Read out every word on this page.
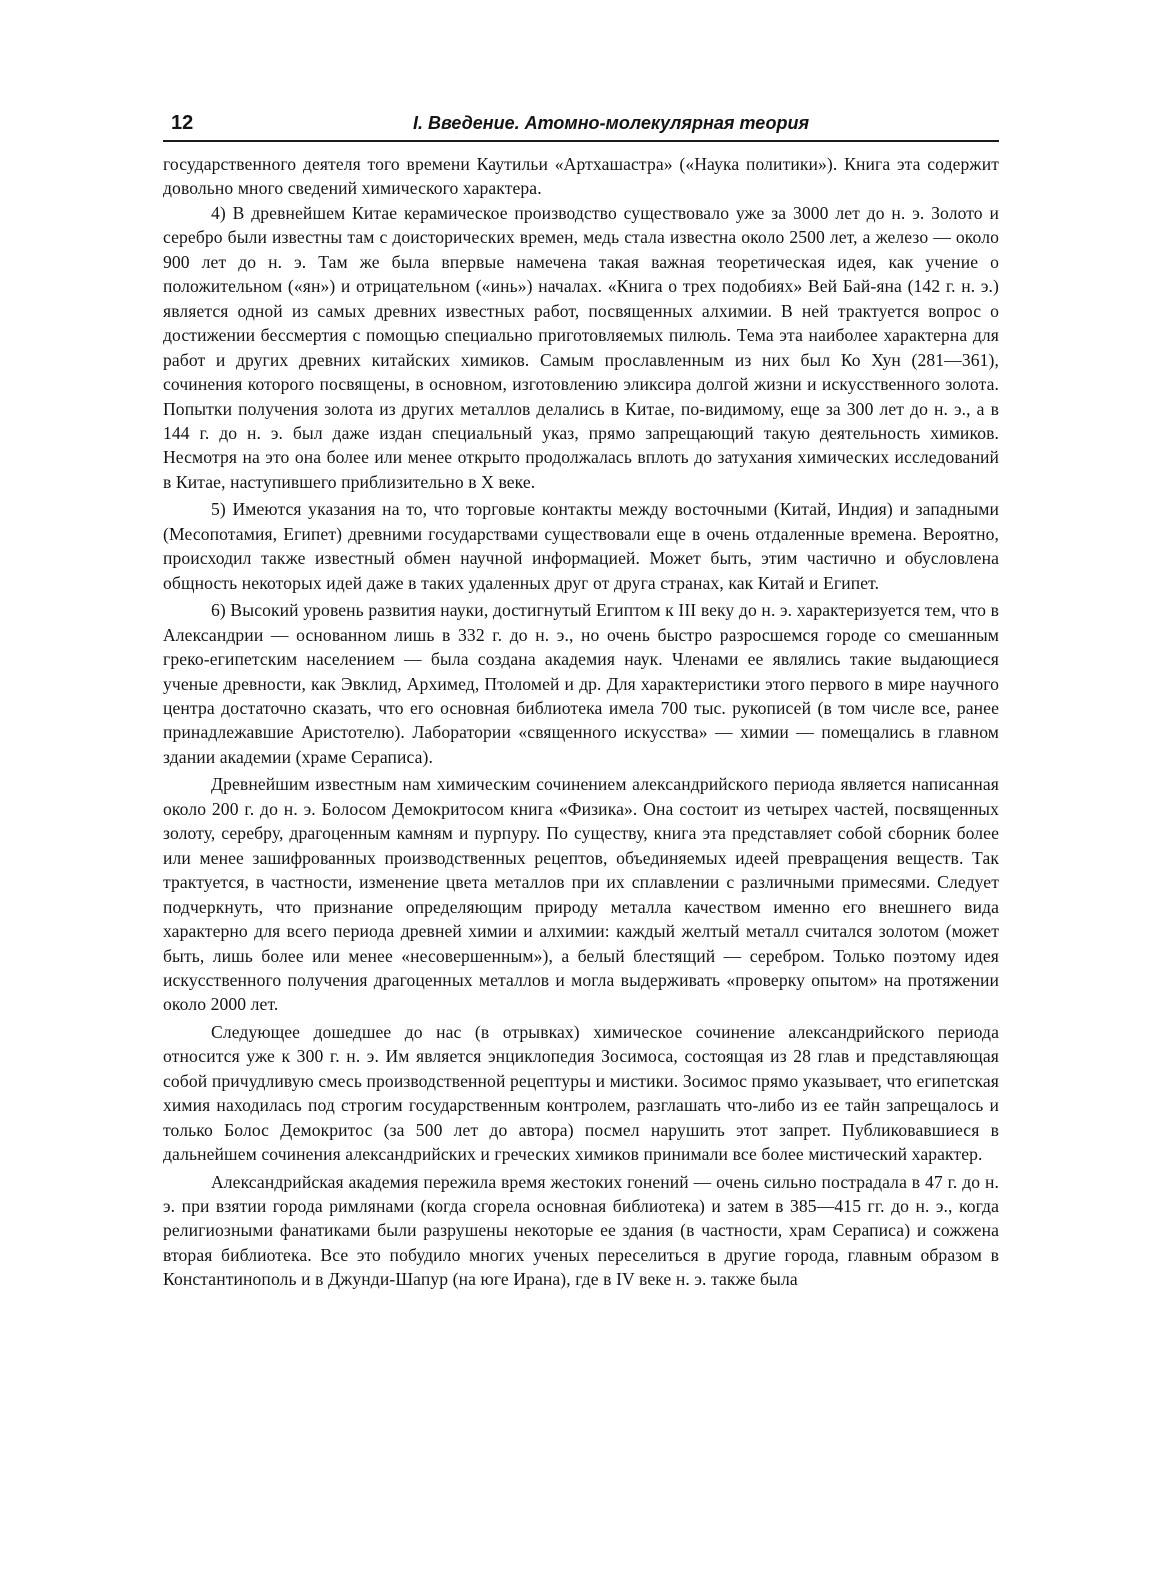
12	I. Введение. Атомно-молекулярная теория

государственного деятеля того времени Каутильи «Артхашастра» («Наука политики»). Книга эта содержит довольно много сведений химического характера.

4) В древнейшем Китае керамическое производство существовало уже за 3000 лет до н. э. Золото и серебро были известны там с доисторических времен, медь стала известна около 2500 лет, а железо — около 900 лет до н. э. Там же была впервые намечена такая важная теоретическая идея, как учение о положительном («ян») и отрицательном («инь») началах. «Книга о трех подобиях» Вей Бай-яна (142 г. н. э.) является одной из самых древних известных работ, посвященных алхимии. В ней трактуется вопрос о достижении бессмертия с помощью специально приготовляемых пилюль. Тема эта наиболее характерна для работ и других древних китайских химиков. Самым прославленным из них был Ко Хун (281—361), сочинения которого посвящены, в основном, изготовлению эликсира долгой жизни и искусственного золота. Попытки получения золота из других металлов делались в Китае, по-видимому, еще за 300 лет до н. э., а в 144 г. до н. э. был даже издан специальный указ, прямо запрещающий такую деятельность химиков. Несмотря на это она более или менее открыто продолжалась вплоть до затухания химических исследований в Китае, наступившего приблизительно в X веке.

5) Имеются указания на то, что торговые контакты между восточными (Китай, Индия) и западными (Месопотамия, Египет) древними государствами существовали еще в очень отдаленные времена. Вероятно, происходил также известный обмен научной информацией. Может быть, этим частично и обусловлена общность некоторых идей даже в таких удаленных друг от друга странах, как Китай и Египет.

6) Высокий уровень развития науки, достигнутый Египтом к III веку до н. э. характеризуется тем, что в Александрии — основанном лишь в 332 г. до н. э., но очень быстро разросшемся городе со смешанным греко-египетским населением — была создана академия наук. Членами ее являлись такие выдающиеся ученые древности, как Эвклид, Архимед, Птоломей и др. Для характеристики этого первого в мире научного центра достаточно сказать, что его основная библиотека имела 700 тыс. рукописей (в том числе все, ранее принадлежавшие Аристотелю). Лаборатории «священного искусства» — химии — помещались в главном здании академии (храме Сераписа).

Древнейшим известным нам химическим сочинением александрийского периода является написанная около 200 г. до н. э. Болосом Демокритосом книга «Физика». Она состоит из четырех частей, посвященных золоту, серебру, драгоценным камням и пурпуру. По существу, книга эта представляет собой сборник более или менее зашифрованных производственных рецептов, объединяемых идеей превращения веществ. Так трактуется, в частности, изменение цвета металлов при их сплавлении с различными примесями. Следует подчеркнуть, что признание определяющим природу металла качеством именно его внешнего вида характерно для всего периода древней химии и алхимии: каждый желтый металл считался золотом (может быть, лишь более или менее «несовершенным»), а белый блестящий — серебром. Только поэтому идея искусственного получения драгоценных металлов и могла выдерживать «проверку опытом» на протяжении около 2000 лет.

Следующее дошедшее до нас (в отрывках) химическое сочинение александрийского периода относится уже к 300 г. н. э. Им является энциклопедия Зосимоса, состоящая из 28 глав и представляющая собой причудливую смесь производственной рецептуры и мистики. Зосимос прямо указывает, что египетская химия находилась под строгим государственным контролем, разглашать что-либо из ее тайн запрещалось и только Болос Демокритос (за 500 лет до автора) посмел нарушить этот запрет. Публиковавшиеся в дальнейшем сочинения александрийских и греческих химиков принимали все более мистический характер.

Александрийская академия пережила время жестоких гонений — очень сильно пострадала в 47 г. до н. э. при взятии города римлянами (когда сгорела основная библиотека) и затем в 385—415 гг. до н. э., когда религиозными фанатиками были разрушены некоторые ее здания (в частности, храм Сераписа) и сожжена вторая библиотека. Все это побудило многих ученых переселиться в другие города, главным образом в Константинополь и в Джунди-Шапур (на юге Ирана), где в IV веке н. э. также была
